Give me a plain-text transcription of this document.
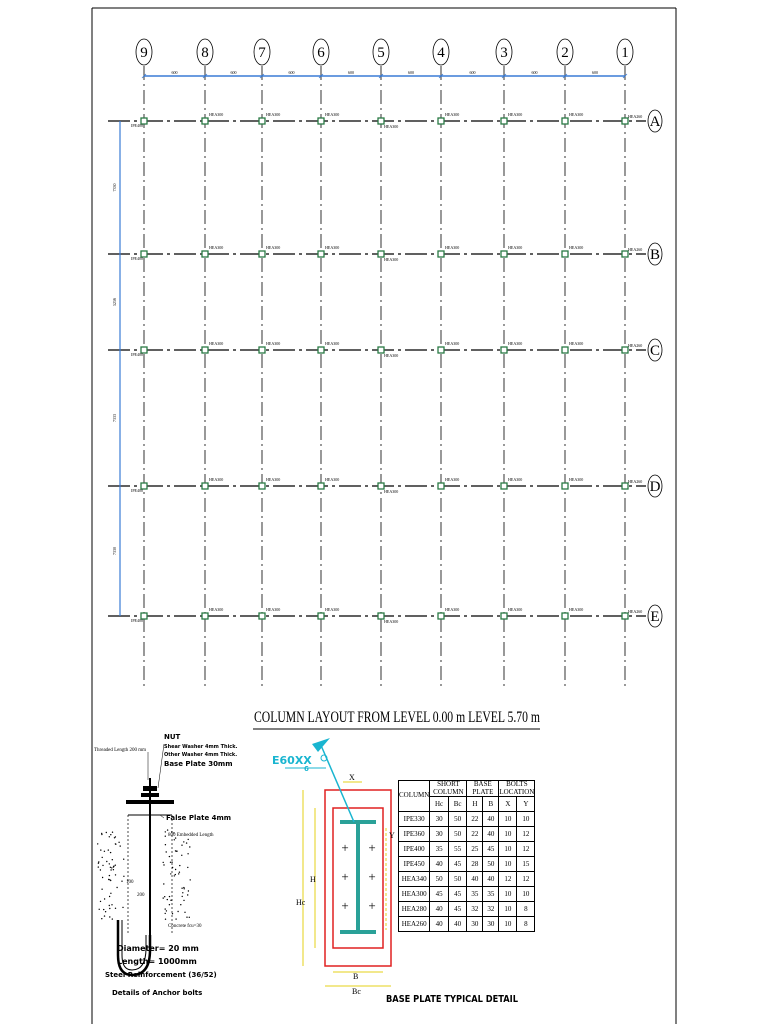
9	8	7	6	5	4	3	2	1
A
B
C
D
E
600	600	600	600	600	600	600	600
7330
5256
7333
7330
IPE400
HEA300	HEA300	HEA300
HEA300
HEA300	HEA300	HEA300	HEA260
IPE400
HEA300	HEA300	HEA300
HEA300
HEA300	HEA300	HEA300	HEA260
IPE400
HEA300	HEA300	HEA300
HEA300
HEA300	HEA300	HEA300	HEA260
IPE400
HEA300	HEA300	HEA300
HEA300
HEA300	HEA300	HEA300	HEA260
IPE400
HEA300	HEA300	HEA300
HEA300
HEA300	HEA300	HEA300	HEA260
COLUMN LAYOUT FROM LEVEL 0.00 m LEVEL 5.70 m
+ +
+ +
+ +
E60XX
6
X
Y
H
Hc
B
Bc
BASE PLATE TYPICAL DETAIL
Threaded Length 200 mm
NUT
Shear Washer 4mm Thick.
Other Washer 4mm Thick.
Base Plate 30mm
False Plate 4mm
800 Embedded Length
100
200
Concrete fcu=30
Diameter= 20 mm
Length= 1000mm
Steel Reinforcement (36/52)
Details of Anchor bolts
COLUMN	SHORT COLUMN		BASE PLATE		BOLTS LOCATION	
	Hc	Bc	H	B	X	Y
IPE330	30	50	22	40	10	10
IPE360	30	50	22	40	10	12
IPE400	35	55	25	45	10	12
IPE450	40	45	28	50	10	15
HEA340	50	50	40	40	12	12
HEA300	45	45	35	35	10	10
HEA280	40	45	32	32	10	8
HEA260	40	40	30	30	10	8
